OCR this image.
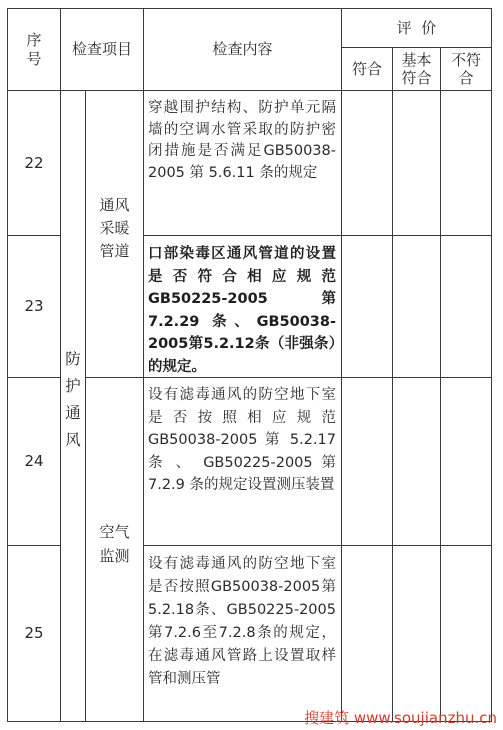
序号
检查项目	检查内容
评  价
符合	基本符合
不符合
22
23
24
25
防
护
通
风
通风采暖管道
空气监测
穿越围护结构、防护单元隔墙的空调水管采取的防护密闭措施是否满足GB50038-2005 第 5.6.11 条的规定
口部染毒区通风管道的设置是否符合相应规范GB50225-2005 第 7.2.29 条、GB50038-2005第5.2.12条（非强条）的规定。
设有滤毒通风的防空地下室是否按照相应规范GB50038-2005 第 5.2.17 条 、 GB50225-2005 第 7.2.9 条的规定设置测压装置
设有滤毒通风的防空地下室是否按照GB50038-2005第5.2.18条、GB50225-2005第7.2.6至7.2.8条的规定，在滤毒通风管路上设置取样管和测压管
搜建筑 www.soujianzhu.cn
